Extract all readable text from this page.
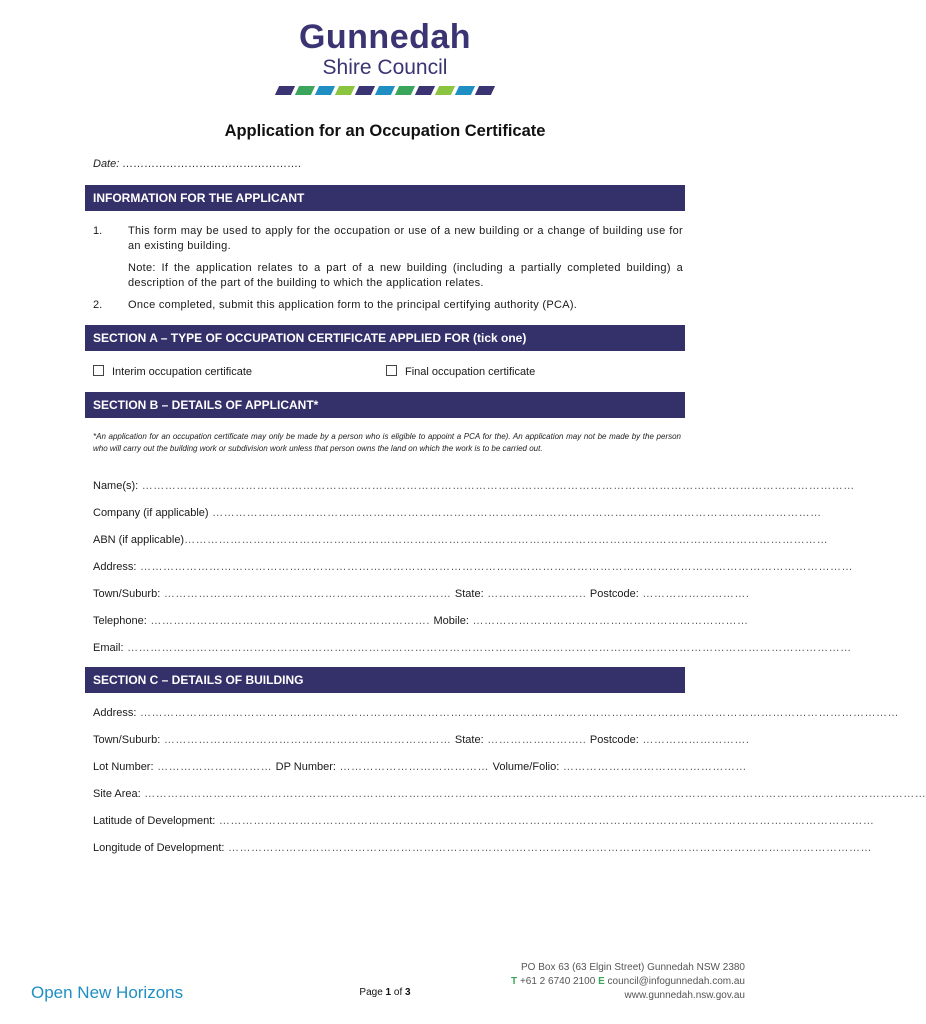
Gunnedah
Shire Council
Application for an Occupation Certificate
Date: ………………………………………….
INFORMATION FOR THE APPLICANT
1. This form may be used to apply for the occupation or use of a new building or a change of building use for an existing building.
Note: If the application relates to a part of a new building (including a partially completed building) a description of the part of the building to which the application relates.
2. Once completed, submit this application form to the principal certifying authority (PCA).
SECTION A – TYPE OF OCCUPATION CERTIFICATE APPLIED FOR (tick one)
Interim occupation certificate	Final occupation certificate
SECTION B – DETAILS OF APPLICANT*
*An application for an occupation certificate may only be made by a person who is eligible to appoint a PCA for the). An application may not be made by the person who will carry out the building work or subdivision work unless that person owns the land on which the work is to be carried out.
Name(s): ……………………………………………………………………………………………………………………………………………………………………
Company (if applicable) ……………………………………………………………………………………………………………………………………………
ABN (if applicable)……………………………………………………………………………………………………………………………………………………
Address: ……………………………………………………………………………………………………………………………………………………………………
Town/Suburb: ………………………………………………………………… State: …………………….. Postcode: ……………………….
Telephone: ………………………………………………………………. Mobile: ………………………………………………………………
Email: ………………………………………………………………………………………………………………………………………………………………………
SECTION C – DETAILS OF BUILDING
Address: ………………………………………………………………………………………………………………………………………………………………………………
Town/Suburb: ………………………………………………………………… State: …………………….. Postcode: ……………………….
Lot Number: ………………………… DP Number: ………………………………… Volume/Folio: …………………………………………
Site Area: ……………………………………………………………………………………………………………………………………………………………………………………
Latitude of Development: ………………………………………………………………………………………………………………………………………………………
Longitude of Development: ……………………………………………………………………………………………………………………………………………………
Open New Horizons	Page 1 of 3
PO Box 63 (63 Elgin Street) Gunnedah NSW 2380
T +61 2 6740 2100 E council@infogunnedah.com.au
www.gunnedah.nsw.gov.au
